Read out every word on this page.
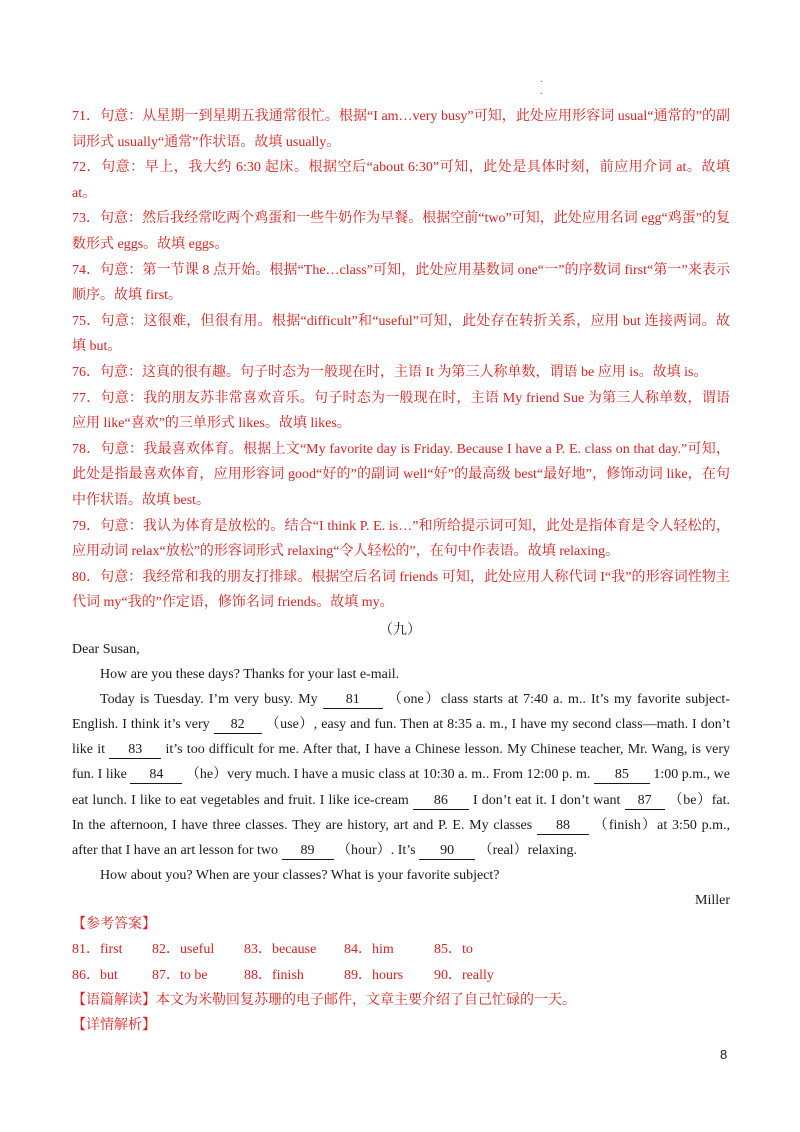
.
.

71．句意：从星期一到星期五我通常很忙。根据“I am…very busy”可知，此处应用形容词 usual“通常的”的副词形式 usually“通常”作状语。故填 usually。

72．句意：早上，我大约 6:30 起床。根据空后“about 6:30”可知，此处是具体时刻，前应用介词 at。故填 at。

73．句意：然后我经常吃两个鸡蛋和一些牛奶作为早餐。根据空前“two”可知，此处应用名词 egg“鸡蛋”的复数形式 eggs。故填 eggs。

74．句意：第一节课 8 点开始。根据“The…class”可知，此处应用基数词 one“一”的序数词 first“第一”来表示顺序。故填 first。

75．句意：这很难，但很有用。根据“difficult”和“useful”可知，此处存在转折关系，应用 but 连接两词。故填 but。

76．句意：这真的很有趣。句子时态为一般现在时，主语 It 为第三人称单数，谓语 be 应用 is。故填 is。

77．句意：我的朋友苏非常喜欢音乐。句子时态为一般现在时，主语 My friend Sue 为第三人称单数，谓语应用 like“喜欢”的三单形式 likes。故填 likes。

78．句意：我最喜欢体育。根据上文“My favorite day is Friday. Because I have a P. E. class on that day.”可知，此处是指最喜欢体育，应用形容词 good“好的”的副词 well“好”的最高级 best“最好地”，修饰动词 like，在句中作状语。故填 best。

79．句意：我认为体育是放松的。结合“I think P. E. is…”和所给提示词可知，此处是指体育是令人轻松的，应用动词 relax“放松”的形容词形式 relaxing“令人轻松的”，在句中作表语。故填 relaxing。

80．句意：我经常和我的朋友打排球。根据空后名词 friends 可知，此处应用人称代词 I“我”的形容词性物主代词 my“我的”作定语，修饰名词 friends。故填 my。

（九）

Dear Susan,

How are you these days? Thanks for your last e-mail.

Today is Tuesday. I’m very busy. My 81 （one）class starts at 7:40 a. m.. It’s my favorite subject-English. I think it’s very 82 （use）, easy and fun. Then at 8:35 a. m., I have my second class—math. I don’t like it 83 it’s too difficult for me. After that, I have a Chinese lesson. My Chinese teacher, Mr. Wang, is very fun. I like 84 （he）very much. I have a music class at 10:30 a. m.. From 12:00 p. m. 85 1:00 p.m., we eat lunch. I like to eat vegetables and fruit. I like ice-cream 86 I don’t eat it. I don’t want 87 （be）fat. In the afternoon, I have three classes. They are history, art and P. E. My classes 88 （finish）at 3:50 p.m., after that I have an art lesson for two 89 （hour）. It’s 90 （real）relaxing.

How about you? When are your classes? What is your favorite subject?

Miller

【参考答案】

81．first 82．useful 83．because 84．him	85．to

86．but 87．to be	88．finish	89．hours 90．really

【语篇解读】本文为米勒回复苏珊的电子邮件，文章主要介绍了自己忙碌的一天。

【详情解析】

8
